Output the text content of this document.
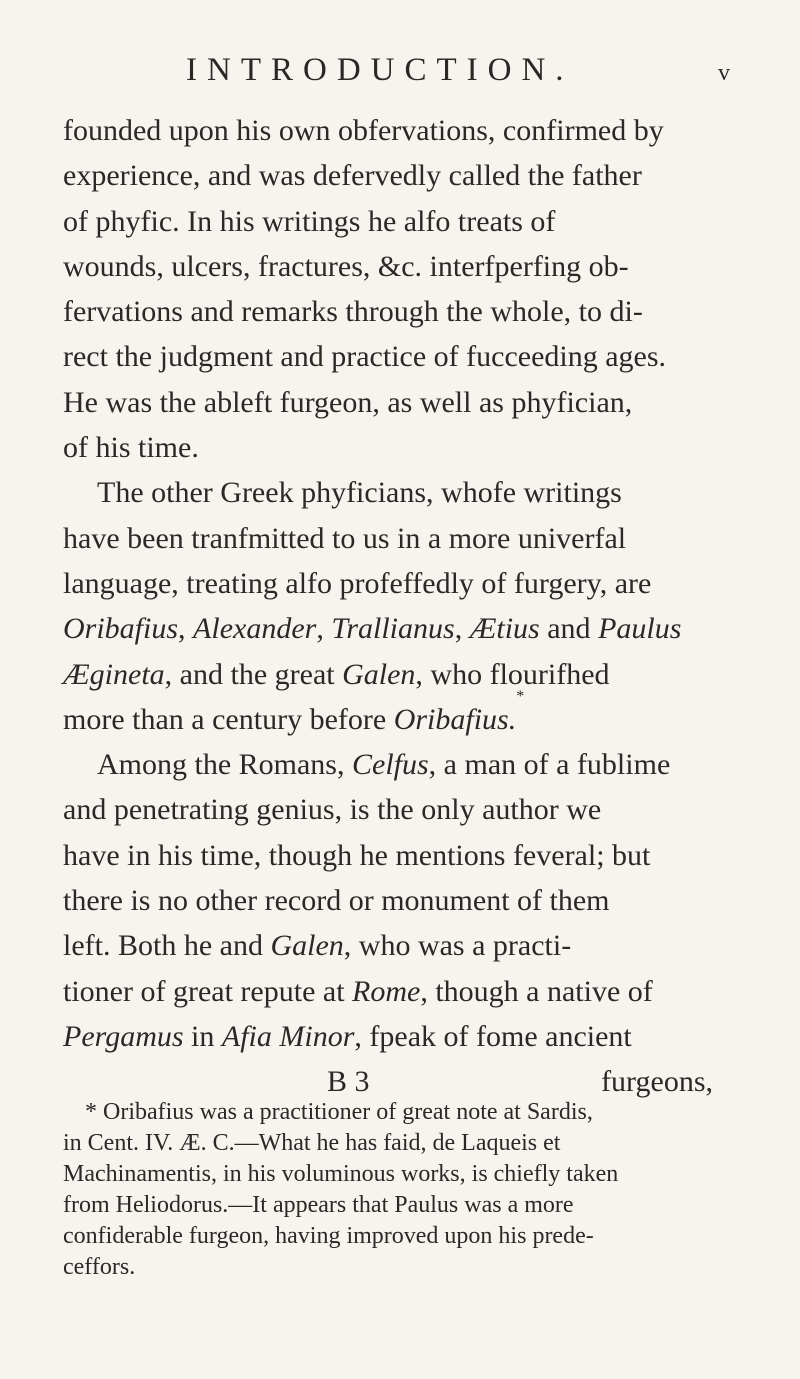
INTRODUCTION.	v
founded upon his own obfervations, confirmed by
experience, and was defervedly called the father
of phyfic. In his writings he alfo treats of
wounds, ulcers, fractures, &c. interfperfing ob-
fervations and remarks through the whole, to di-
rect the judgment and practice of fucceeding ages.
He was the ableft furgeon, as well as phyfician,
of his time.
The other Greek phyficians, whofe writings
have been tranfmitted to us in a more univerfal
language, treating alfo profeffedly of furgery, are
Oribafius , Alexander , Trallianus , Ætius and Paulus
Ægineta , and the great Galen , who flourifhed
more than a century before Oribafius.
*
Among the Romans, Celfus , a man of a fublime
and penetrating genius, is the only author we
have in his time, though he mentions feveral; but
there is no other record or monument of them
left. Both he and Galen , who was a practi-
tioner of great repute at Rome , though a native of
Pergamus in Afia Minor , fpeak of fome ancient
B 3	furgeons,
* Oribafius was a practitioner of great note at Sardis,
in Cent. IV. Æ. C.—What he has faid, de Laqueis et
Machinamentis, in his voluminous works, is chiefly taken
from Heliodorus.—It appears that Paulus was a more
confiderable furgeon, having improved upon his prede-
ceffors.
